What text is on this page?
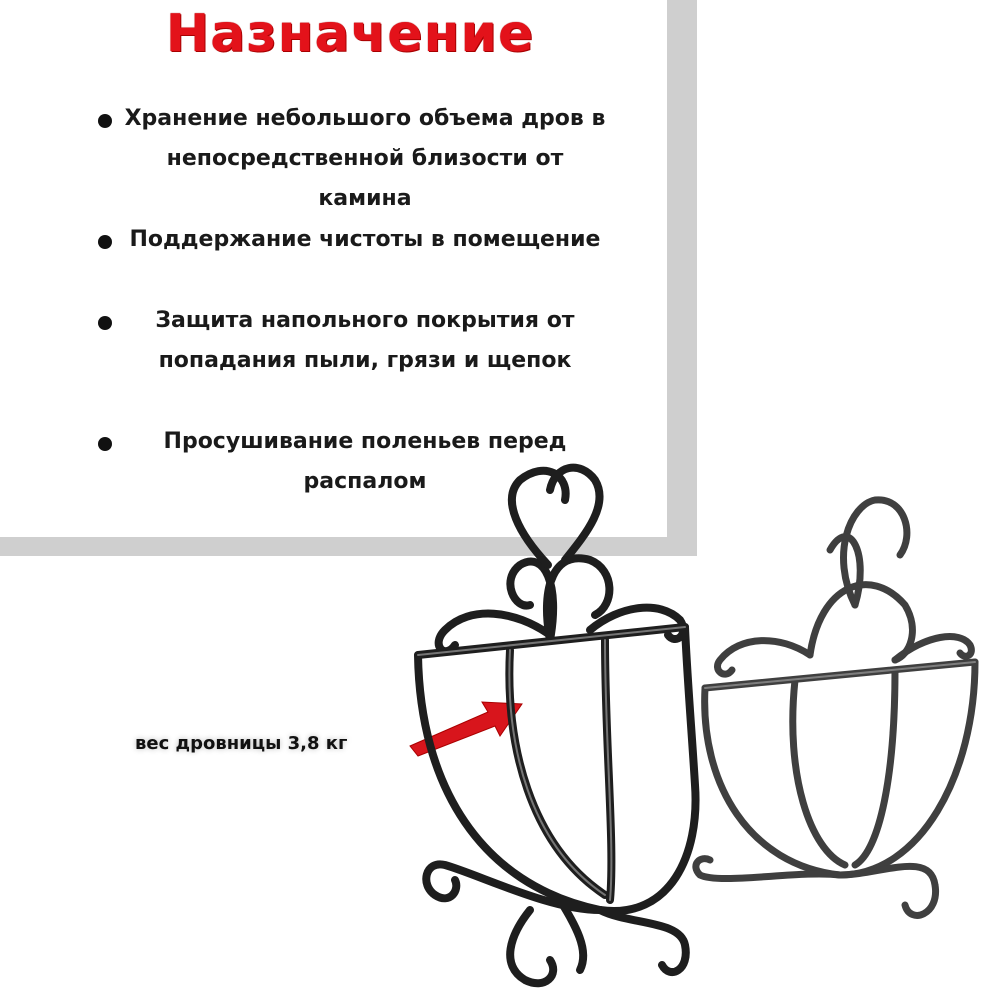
Назначение
Хранение небольшого объема дров в непосредственной близости от камина
Поддержание чистоты в помещение
Защита напольного покрытия от попадания пыли, грязи и щепок
Просушивание поленьев перед распалом
вес дровницы 3,8 кг
